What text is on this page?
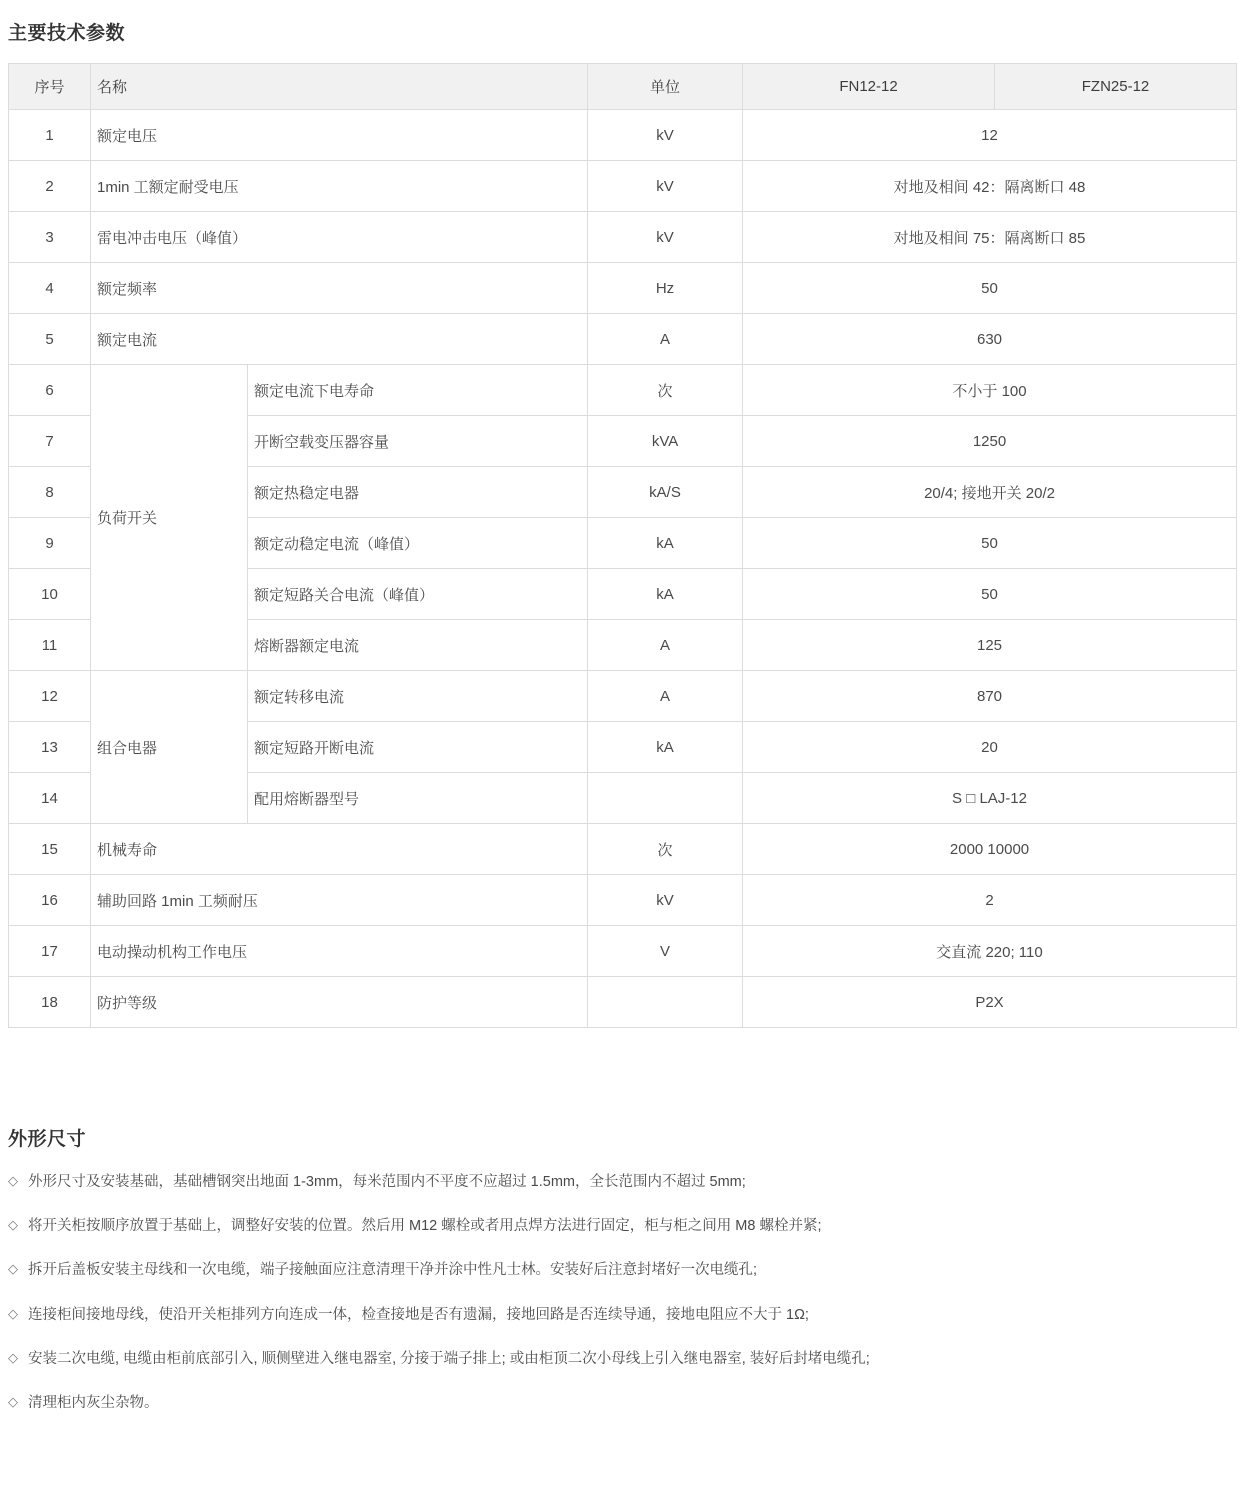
主要技术参数
序号	名称		单位	FN12-12	FZN25-12
1	额定电压		kV	12	
2	1min 工额定耐受电压		kV	对地及相间 42：隔离断口 48	
3	雷电冲击电压（峰值）		kV	对地及相间 75：隔离断口 85	
4	额定频率		Hz	50	
5	额定电流		A	630	
6	负荷开关	额定电流下电寿命	次	不小于 100	
7		开断空载变压器容量	kVA	1250	
8		额定热稳定电器	kA/S	20/4; 接地开关 20/2	
9		额定动稳定电流（峰值）	kA	50	
10		额定短路关合电流（峰值）	kA	50	
11		熔断器额定电流	A	125	
12	组合电器	额定转移电流	A	870	
13		额定短路开断电流	kA	20	
14		配用熔断器型号		S □ LAJ-12	
15	机械寿命		次	2000 10000	
16	辅助回路 1min 工频耐压		kV	2	
17	电动操动机构工作电压		V	交直流 220; 110	
18	防护等级			P2X	
外形尺寸
◇ 外形尺寸及安装基础，基础槽钢突出地面 1-3mm，每米范围内不平度不应超过 1.5mm，全长范围内不超过 5mm;
◇ 将开关柜按顺序放置于基础上，调整好安装的位置。然后用 M12 螺栓或者用点焊方法进行固定，柜与柜之间用 M8 螺栓并紧;
◇ 拆开后盖板安装主母线和一次电缆，端子接触面应注意清理干净并涂中性凡士林。安装好后注意封堵好一次电缆孔;
◇ 连接柜间接地母线，使沿开关柜排列方向连成一体，检查接地是否有遗漏，接地回路是否连续导通，接地电阻应不大于 1Ω;
◇ 安装二次电缆, 电缆由柜前底部引入, 顺侧壁进入继电器室, 分接于端子排上; 或由柜顶二次小母线上引入继电器室, 装好后封堵电缆孔;
◇ 清理柜内灰尘杂物。
